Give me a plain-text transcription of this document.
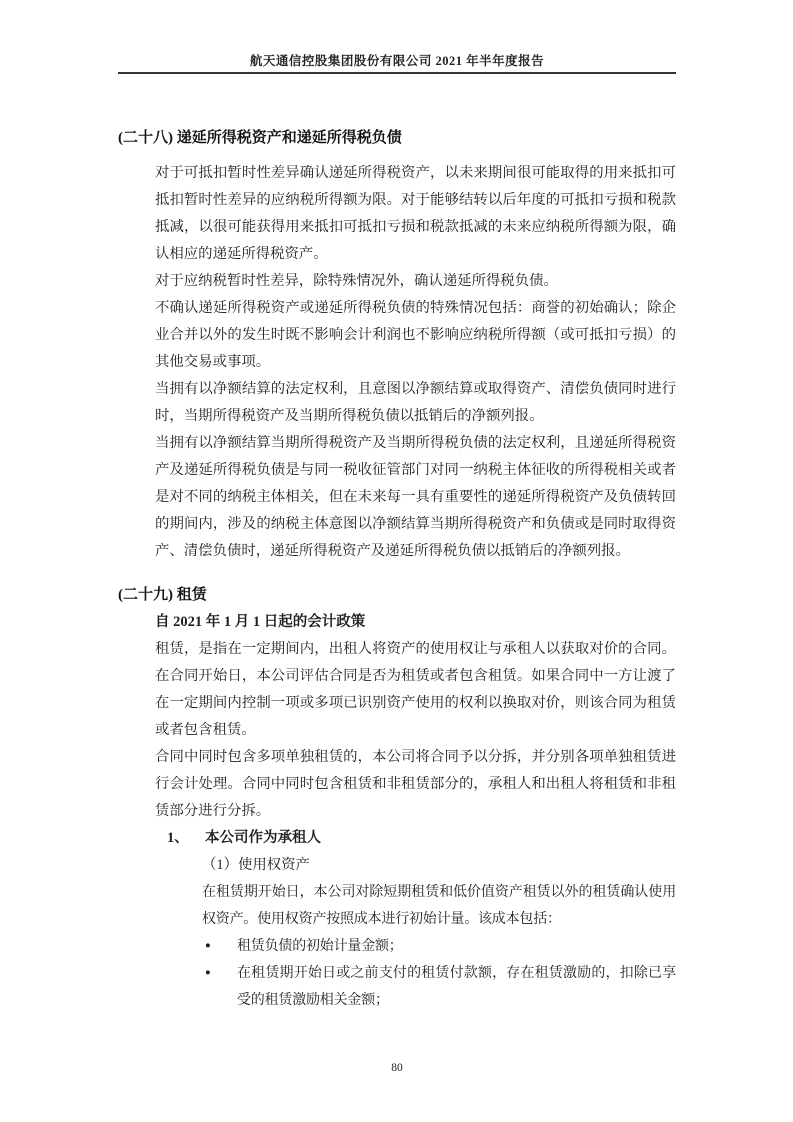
航天通信控股集团股份有限公司 2021 年半年度报告
(二十八) 递延所得税资产和递延所得税负债

对于可抵扣暂时性差异确认递延所得税资产，以未来期间很可能取得的用来抵扣可抵扣暂时性差异的应纳税所得额为限。对于能够结转以后年度的可抵扣亏损和税款抵减，以很可能获得用来抵扣可抵扣亏损和税款抵减的未来应纳税所得额为限，确认相应的递延所得税资产。

对于应纳税暂时性差异，除特殊情况外，确认递延所得税负债。

不确认递延所得税资产或递延所得税负债的特殊情况包括：商誉的初始确认；除企业合并以外的发生时既不影响会计利润也不影响应纳税所得额（或可抵扣亏损）的其他交易或事项。

当拥有以净额结算的法定权利，且意图以净额结算或取得资产、清偿负债同时进行时，当期所得税资产及当期所得税负债以抵销后的净额列报。

当拥有以净额结算当期所得税资产及当期所得税负债的法定权利，且递延所得税资产及递延所得税负债是与同一税收征管部门对同一纳税主体征收的所得税相关或者是对不同的纳税主体相关，但在未来每一具有重要性的递延所得税资产及负债转回的期间内，涉及的纳税主体意图以净额结算当期所得税资产和负债或是同时取得资产、清偿负债时，递延所得税资产及递延所得税负债以抵销后的净额列报。

(二十九) 租赁
自 2021 年 1 月 1 日起的会计政策

租赁，是指在一定期间内，出租人将资产的使用权让与承租人以获取对价的合同。在合同开始日，本公司评估合同是否为租赁或者包含租赁。如果合同中一方让渡了在一定期间内控制一项或多项已识别资产使用的权利以换取对价，则该合同为租赁或者包含租赁。

合同中同时包含多项单独租赁的，本公司将合同予以分拆，并分别各项单独租赁进行会计处理。合同中同时包含租赁和非租赁部分的，承租人和出租人将租赁和非租赁部分进行分拆。

1、	本公司作为承租人
（1）使用权资产

在租赁期开始日，本公司对除短期租赁和低价值资产租赁以外的租赁确认使用权资产。使用权资产按照成本进行初始计量。该成本包括：

●	租赁负债的初始计量金额；

●	在租赁期开始日或之前支付的租赁付款额，存在租赁激励的，扣除已享受的租赁激励相关金额；

80
